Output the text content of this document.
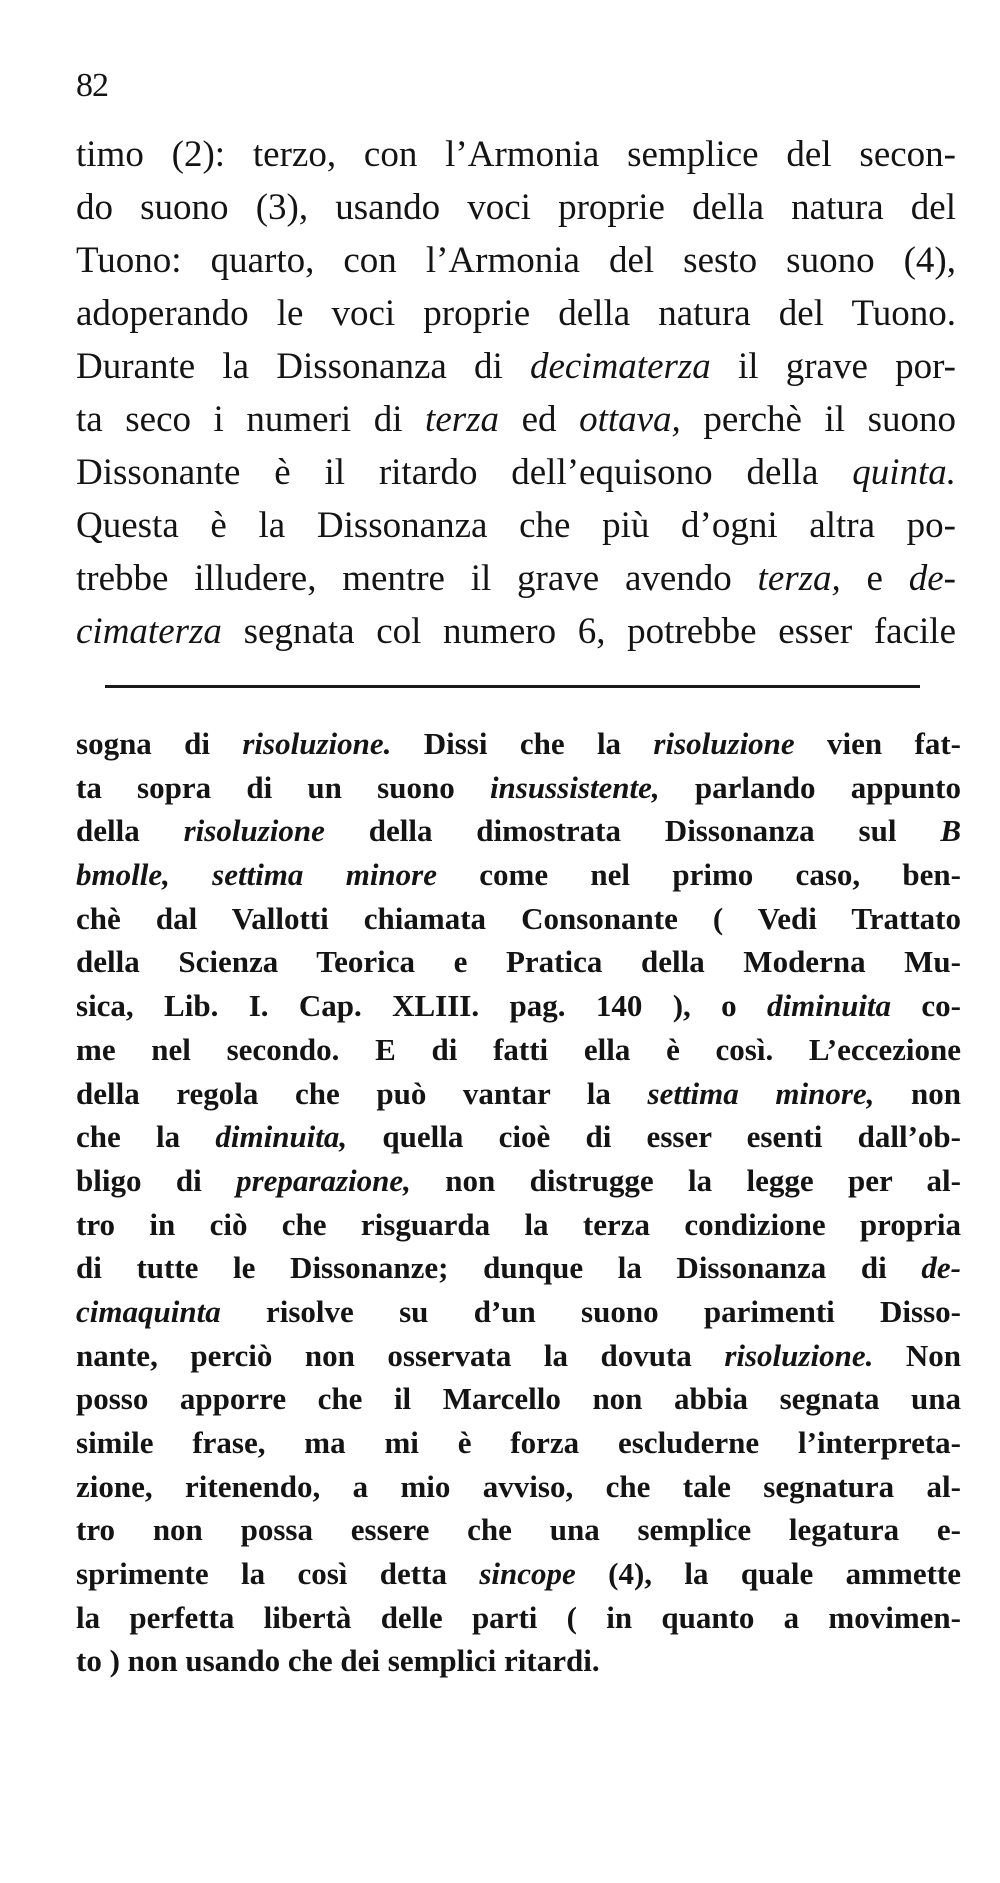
82
timo (2): terzo, con l’Armonia semplice del secon-
do suono (3), usando voci proprie della natura del
Tuono: quarto, con l’Armonia del sesto suono (4),
adoperando le voci proprie della natura del Tuono.
Durante la Dissonanza di decimaterza il grave por-
ta seco i numeri di terza ed ottava, perchè il suono
Dissonante è il ritardo dell’equisono della quinta.
Questa è la Dissonanza che più d’ogni altra po-
trebbe illudere, mentre il grave avendo terza, e de-
cimaterza segnata col numero 6, potrebbe esser facile
sogna di risoluzione. Dissi che la risoluzione vien fat-
ta sopra di un suono insussistente, parlando appunto
della risoluzione della dimostrata Dissonanza sul B
bmolle, settima minore come nel primo caso, ben-
chè dal Vallotti chiamata Consonante ( Vedi Trattato
della Scienza Teorica e Pratica della Moderna Mu-
sica, Lib. I. Cap. XLIII. pag. 140 ), o diminuita co-
me nel secondo. E di fatti ella è così. L’eccezione
della regola che può vantar la settima minore, non
che la diminuita, quella cioè di esser esenti dall’ob-
bligo di preparazione, non distrugge la legge per al-
tro in ciò che risguarda la terza condizione propria
di tutte le Dissonanze; dunque la Dissonanza di de-
cimaquinta risolve su d’un suono parimenti Disso-
nante, perciò non osservata la dovuta risoluzione. Non
posso apporre che il Marcello non abbia segnata una
simile frase, ma mi è forza escluderne l’interpreta-
zione, ritenendo, a mio avviso, che tale segnatura al-
tro non possa essere che una semplice legatura e-
sprimente la così detta sincope (4), la quale ammette
la perfetta libertà delle parti ( in quanto a movimen-
to ) non usando che dei semplici ritardi.
